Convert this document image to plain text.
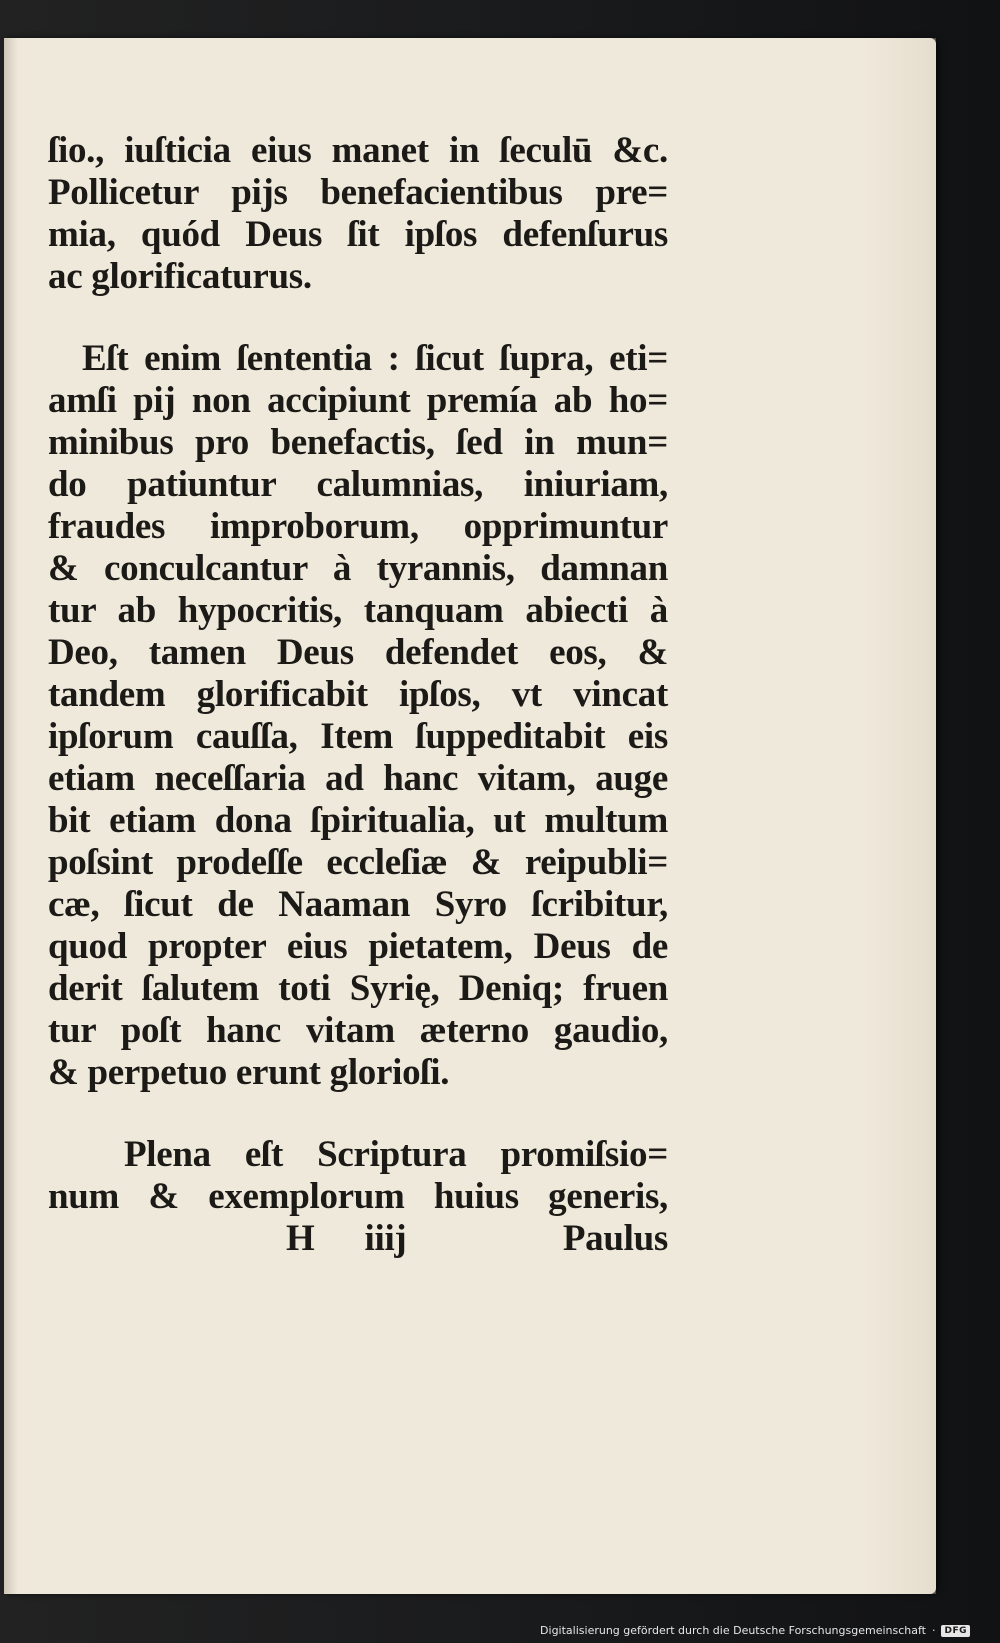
ſio., iuſticia eius manet in ſeculū &c.
Pollicetur pijs benefacientibus pre=
mia, quód Deus ſit ipſos defenſurus
ac glorificaturus.
Eſt enim ſententia : ſicut ſupra, eti=
amſi pij non accipiunt premía ab ho=
minibus pro benefactis, ſed in mun=
do patiuntur calumnias, iniuriam,
fraudes improborum, opprimuntur
& conculcantur à tyrannis, damnan
tur ab hypocritis, tanquam abiecti à
Deo, tamen Deus defendet eos, &
tandem glorificabit ipſos, vt vincat
ipſorum cauſſa, Item ſuppeditabit eis
etiam neceſſaria ad hanc vitam, auge
bit etiam dona ſpiritualia, ut multum
poſsint prodeſſe eccleſiæ & reipubli=
cæ, ſicut de Naaman Syro ſcribitur,
quod propter eius pietatem, Deus de
derit ſalutem toti Syrię, Deniq; fruen
tur poſt hanc vitam æterno gaudio,
& perpetuo erunt glorioſi.
Plena eſt Scriptura promiſsio=
num & exemplorum huius generis,
H iiij	Paulus
Digitalisierung gefördert durch die Deutsche Forschungsgemeinschaft ·	DFG
